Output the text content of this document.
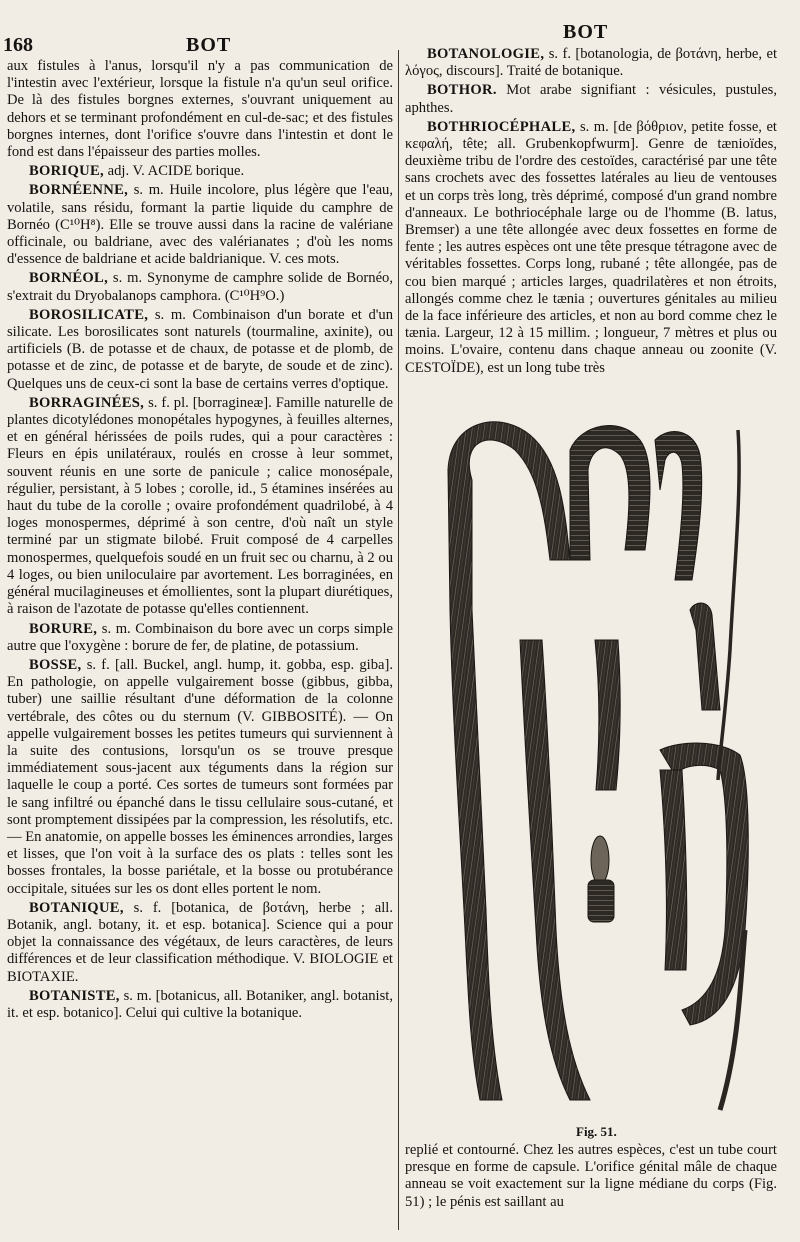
168	BOT
BOT

aux fistules à l'anus, lorsqu'il n'y a pas communication de l'intestin avec l'extérieur, lorsque la fistule n'a qu'un seul orifice. De là des fistules borgnes externes, s'ouvrant uniquement au dehors et se terminant profondément en cul-de-sac; et des fistules borgnes internes, dont l'orifice s'ouvre dans l'intestin et dont le fond est dans l'épaisseur des parties molles.

BORIQUE, adj. V. ACIDE borique.

BORNÉENNE, s. m. Huile incolore, plus légère que l'eau, volatile, sans résidu, formant la partie liquide du camphre de Bornéo (C¹⁰H⁸). Elle se trouve aussi dans la racine de valériane officinale, ou baldriane, avec des valérianates ; d'où les noms d'essence de baldriane et acide baldrianique. V. ces mots.

BORNÉOL, s. m. Synonyme de camphre solide de Bornéo, s'extrait du Dryobalanops camphora. (C¹⁰H⁹O.)

BOROSILICATE, s. m. Combinaison d'un borate et d'un silicate. Les borosilicates sont naturels (tourmaline, axinite), ou artificiels (B. de potasse et de chaux, de potasse et de plomb, de potasse et de zinc, de potasse et de baryte, de soude et de zinc). Quelques uns de ceux-ci sont la base de certains verres d'optique.

BORRAGINÉES, s. f. pl. [borragineæ]. Famille naturelle de plantes dicotylédones monopétales hypogynes, à feuilles alternes, et en général hérissées de poils rudes, qui a pour caractères : Fleurs en épis unilatéraux, roulés en crosse à leur sommet, souvent réunis en une sorte de panicule ; calice monosépale, régulier, persistant, à 5 lobes ; corolle, id., 5 étamines insérées au haut du tube de la corolle ; ovaire profondément quadrilobé, à 4 loges monospermes, déprimé à son centre, d'où naît un style terminé par un stigmate bilobé. Fruit composé de 4 carpelles monospermes, quelquefois soudé en un fruit sec ou charnu, à 2 ou 4 loges, ou bien uniloculaire par avortement. Les borraginées, en général mucilagineuses et émollientes, sont la plupart diurétiques, à raison de l'azotate de potasse qu'elles contiennent.

BORURE, s. m. Combinaison du bore avec un corps simple autre que l'oxygène : borure de fer, de platine, de potassium.

BOSSE, s. f. [all. Buckel, angl. hump, it. gobba, esp. giba]. En pathologie, on appelle vulgairement bosse (gibbus, gibba, tuber) une saillie résultant d'une déformation de la colonne vertébrale, des côtes ou du sternum (V. GIBBOSITÉ). — On appelle vulgairement bosses les petites tumeurs qui surviennent à la suite des contusions, lorsqu'un os se trouve presque immédiatement sous-jacent aux téguments dans la région sur laquelle le coup a porté. Ces sortes de tumeurs sont formées par le sang infiltré ou épanché dans le tissu cellulaire sous-cutané, et sont promptement dissipées par la compression, les résolutifs, etc. — En anatomie, on appelle bosses les éminences arrondies, larges et lisses, que l'on voit à la surface des os plats : telles sont les bosses frontales, la bosse pariétale, et la bosse ou protubérance occipitale, situées sur les os dont elles portent le nom.

BOTANIQUE, s. f. [botanica, de βοτάνη, herbe ; all. Botanik, angl. botany, it. et esp. botanica]. Science qui a pour objet la connaissance des végétaux, de leurs caractères, de leurs différences et de leur classification méthodique. V. BIOLOGIE et BIOTAXIE.

BOTANISTE, s. m. [botanicus, all. Botaniker, angl. botanist, it. et esp. botanico]. Celui qui cultive la botanique.

BOTANOLOGIE, s. f. [botanologia, de βοτάνη, herbe, et λόγος, discours]. Traité de botanique.

BOTHOR. Mot arabe signifiant : vésicules, pustules, aphthes.

BOTHRIOCÉPHALE, s. m. [de βόθριον, petite fosse, et κεφαλή, tête; all. Grubenkopfwurm]. Genre de tænioïdes, deuxième tribu de l'ordre des cestoïdes, caractérisé par une tête sans crochets avec des fossettes latérales au lieu de ventouses et un corps très long, très déprimé, composé d'un grand nombre d'anneaux. Le bothriocéphale large ou de l'homme (B. latus, Bremser) a une tête allongée avec deux fossettes en forme de fente ; les autres espèces ont une tête presque tétragone avec de véritables fossettes. Corps long, rubané ; tête allongée, pas de cou bien marqué ; articles larges, quadrilatères et non étroits, allongés comme chez le tænia ; ouvertures génitales au milieu de la face inférieure des articles, et non au bord comme chez le tænia. Largeur, 12 à 15 millim. ; longueur, 7 mètres et plus ou moins. L'ovaire, contenu dans chaque anneau ou zoonite (V. CESTOÏDE), est un long tube très

Fig. 51.

replié et contourné. Chez les autres espèces, c'est un tube court presque en forme de capsule. L'orifice génital mâle de chaque anneau se voit exactement sur la ligne médiane du corps (Fig. 51) ; le pénis est saillant au
